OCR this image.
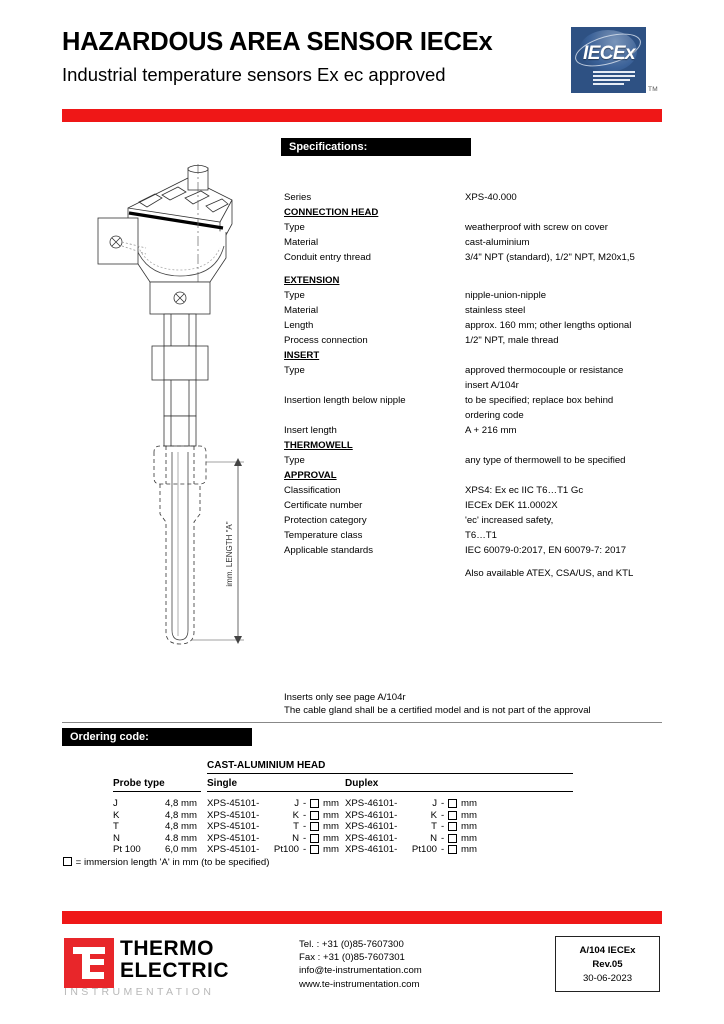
HAZARDOUS AREA SENSOR IECEx
Industrial temperature sensors Ex ec approved
IECEx
TM
imm. LENGTH "A"
Specifications:
Series	XPS-40.000
CONNECTION HEAD
Type	weatherproof with screw on cover
Material	cast-aluminium
Conduit entry thread	3/4" NPT (standard), 1/2" NPT, M20x1,5
EXTENSION
Type	nipple-union-nipple
Material	stainless steel
Length	approx. 160 mm; other lengths optional
Process connection	1/2" NPT, male thread
INSERT
Type	approved thermocouple or resistance
insert A/104r
Insertion length below nipple	to be specified; replace box behind
ordering code
Insert length	A + 216 mm
THERMOWELL
Type	any type of thermowell to be specified
APPROVAL
Classification	XPS4: Ex ec IIC T6…T1 Gc
Certificate number	IECEx DEK 11.0002X
Protection category	'ec' increased safety,
Temperature class	T6…T1
Applicable standards	IEC 60079-0:2017, EN 60079-7: 2017
Also available ATEX, CSA/US, and KTL
Inserts only see page A/104r
The cable gland shall be a certified model and is not part of the approval
Ordering code:
CAST-ALUMINIUM HEAD
Probe type	Single	Duplex
J	4,8 mm XPS-45101-	J - mm XPS-46101-	J - mm
K	4,8 mm XPS-45101-	K - mm XPS-46101-	K - mm
T	4,8 mm XPS-45101-	T - mm XPS-46101-	T - mm
N	4.8 mm XPS-45101-	N - mm XPS-46101-	N - mm
Pt 100	6,0 mm XPS-45101-	Pt100 - mm XPS-46101-	Pt100 - mm
= immersion length 'A' in mm (to be specified)
THERMO
ELECTRIC
INSTRUMENTATION
Tel. : +31 (0)85-7607300
Fax : +31 (0)85-7607301
info@te-instrumentation.com
www.te-instrumentation.com
A/104 IECEx
Rev.05
30-06-2023
